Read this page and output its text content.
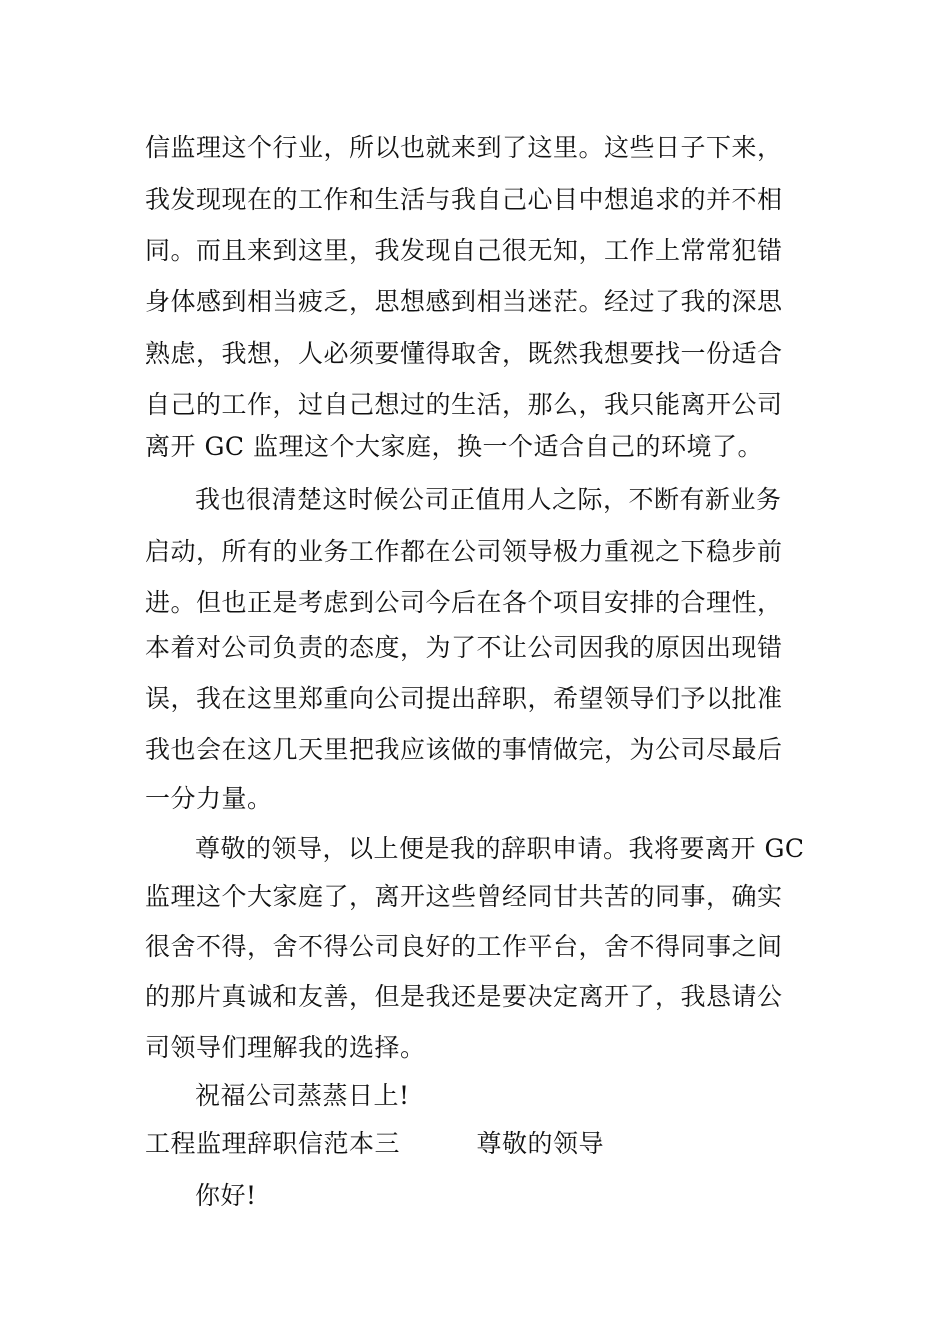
信监理这个行业，所以也就来到了这里。这些日子下来，
我发现现在的工作和生活与我自己心目中想追求的并不相
同。而且来到这里，我发现自己很无知，工作上常常犯错
身体感到相当疲乏，思想感到相当迷茫。经过了我的深思
熟虑，我想，人必须要懂得取舍，既然我想要找一份适合
自己的工作，过自己想过的生活，那么，我只能离开公司
离开 GC 监理这个大家庭，换一个适合自己的环境了。
我也很清楚这时候公司正值用人之际，不断有新业务
启动，所有的业务工作都在公司领导极力重视之下稳步前
进。但也正是考虑到公司今后在各个项目安排的合理性，
本着对公司负责的态度，为了不让公司因我的原因出现错
误，我在这里郑重向公司提出辞职，希望领导们予以批准
我也会在这几天里把我应该做的事情做完，为公司尽最后
一分力量。
尊敬的领导，以上便是我的辞职申请。我将要离开 GC
监理这个大家庭了，离开这些曾经同甘共苦的同事，确实
很舍不得，舍不得公司良好的工作平台，舍不得同事之间
的那片真诚和友善，但是我还是要决定离开了，我恳请公
司领导们理解我的选择。
祝福公司蒸蒸日上!
工程监理辞职信范本三　　　尊敬的领导
你好!
